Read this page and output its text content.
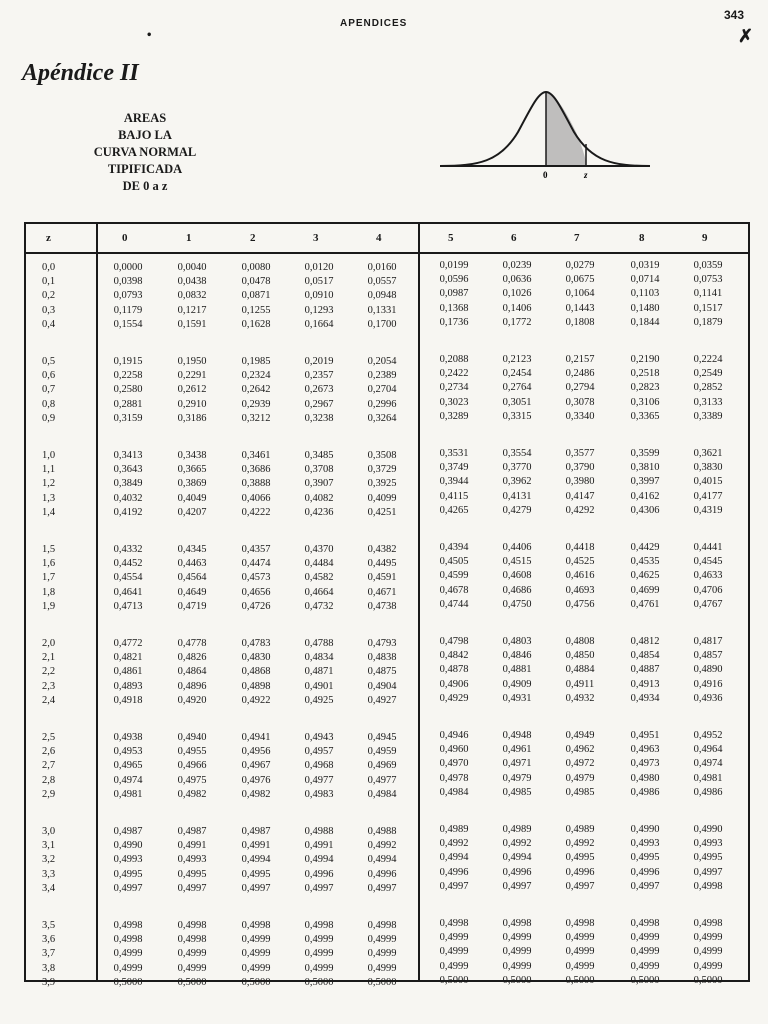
APENDICES
343
✗
•
Apéndice II
AREAS
BAJO LA
CURVA NORMAL
TIPIFICADA
DE 0 a z
0	z
z	0	1	2	3	4	5	6	7	8	9
0,0	0,0000	0,0040	0,0080	0,0120	0,0160	0,0199	0,0239	0,0279	0,0319	0,0359
0,1	0,0398	0,0438	0,0478	0,0517	0,0557	0,0596	0,0636	0,0675	0,0714	0,0753
0,2	0,0793	0,0832	0,0871	0,0910	0,0948	0,0987	0,1026	0,1064	0,1103	0,1141
0,3	0,1179	0,1217	0,1255	0,1293	0,1331	0,1368	0,1406	0,1443	0,1480	0,1517
0,4	0,1554	0,1591	0,1628	0,1664	0,1700	0,1736	0,1772	0,1808	0,1844	0,1879
0,5	0,1915	0,1950	0,1985	0,2019	0,2054	0,2088	0,2123	0,2157	0,2190	0,2224
0,6	0,2258	0,2291	0,2324	0,2357	0,2389	0,2422	0,2454	0,2486	0,2518	0,2549
0,7	0,2580	0,2612	0,2642	0,2673	0,2704	0,2734	0,2764	0,2794	0,2823	0,2852
0,8	0,2881	0,2910	0,2939	0,2967	0,2996	0,3023	0,3051	0,3078	0,3106	0,3133
0,9	0,3159	0,3186	0,3212	0,3238	0,3264	0,3289	0,3315	0,3340	0,3365	0,3389
1,0	0,3413	0,3438	0,3461	0,3485	0,3508	0,3531	0,3554	0,3577	0,3599	0,3621
1,1	0,3643	0,3665	0,3686	0,3708	0,3729	0,3749	0,3770	0,3790	0,3810	0,3830
1,2	0,3849	0,3869	0,3888	0,3907	0,3925	0,3944	0,3962	0,3980	0,3997	0,4015
1,3	0,4032	0,4049	0,4066	0,4082	0,4099	0,4115	0,4131	0,4147	0,4162	0,4177
1,4	0,4192	0,4207	0,4222	0,4236	0,4251	0,4265	0,4279	0,4292	0,4306	0,4319
1,5	0,4332	0,4345	0,4357	0,4370	0,4382	0,4394	0,4406	0,4418	0,4429	0,4441
1,6	0,4452	0,4463	0,4474	0,4484	0,4495	0,4505	0,4515	0,4525	0,4535	0,4545
1,7	0,4554	0,4564	0,4573	0,4582	0,4591	0,4599	0,4608	0,4616	0,4625	0,4633
1,8	0,4641	0,4649	0,4656	0,4664	0,4671	0,4678	0,4686	0,4693	0,4699	0,4706
1,9	0,4713	0,4719	0,4726	0,4732	0,4738	0,4744	0,4750	0,4756	0,4761	0,4767
2,0	0,4772	0,4778	0,4783	0,4788	0,4793	0,4798	0,4803	0,4808	0,4812	0,4817
2,1	0,4821	0,4826	0,4830	0,4834	0,4838	0,4842	0,4846	0,4850	0,4854	0,4857
2,2	0,4861	0,4864	0,4868	0,4871	0,4875	0,4878	0,4881	0,4884	0,4887	0,4890
2,3	0,4893	0,4896	0,4898	0,4901	0,4904	0,4906	0,4909	0,4911	0,4913	0,4916
2,4	0,4918	0,4920	0,4922	0,4925	0,4927	0,4929	0,4931	0,4932	0,4934	0,4936
2,5	0,4938	0,4940	0,4941	0,4943	0,4945	0,4946	0,4948	0,4949	0,4951	0,4952
2,6	0,4953	0,4955	0,4956	0,4957	0,4959	0,4960	0,4961	0,4962	0,4963	0,4964
2,7	0,4965	0,4966	0,4967	0,4968	0,4969	0,4970	0,4971	0,4972	0,4973	0,4974
2,8	0,4974	0,4975	0,4976	0,4977	0,4977	0,4978	0,4979	0,4979	0,4980	0,4981
2,9	0,4981	0,4982	0,4982	0,4983	0,4984	0,4984	0,4985	0,4985	0,4986	0,4986
3,0	0,4987	0,4987	0,4987	0,4988	0,4988	0,4989	0,4989	0,4989	0,4990	0,4990
3,1	0,4990	0,4991	0,4991	0,4991	0,4992	0,4992	0,4992	0,4992	0,4993	0,4993
3,2	0,4993	0,4993	0,4994	0,4994	0,4994	0,4994	0,4994	0,4995	0,4995	0,4995
3,3	0,4995	0,4995	0,4995	0,4996	0,4996	0,4996	0,4996	0,4996	0,4996	0,4997
3,4	0,4997	0,4997	0,4997	0,4997	0,4997	0,4997	0,4997	0,4997	0,4997	0,4998
3,5	0,4998	0,4998	0,4998	0,4998	0,4998	0,4998	0,4998	0,4998	0,4998	0,4998
3,6	0,4998	0,4998	0,4999	0,4999	0,4999	0,4999	0,4999	0,4999	0,4999	0,4999
3,7	0,4999	0,4999	0,4999	0,4999	0,4999	0,4999	0,4999	0,4999	0,4999	0,4999
3,8	0,4999	0,4999	0,4999	0,4999	0,4999	0,4999	0,4999	0,4999	0,4999	0,4999
3,9	0,5000	0,5000	0,5000	0,5000	0,5000	0,5000	0,5000	0,5000	0,5000	0,5000
